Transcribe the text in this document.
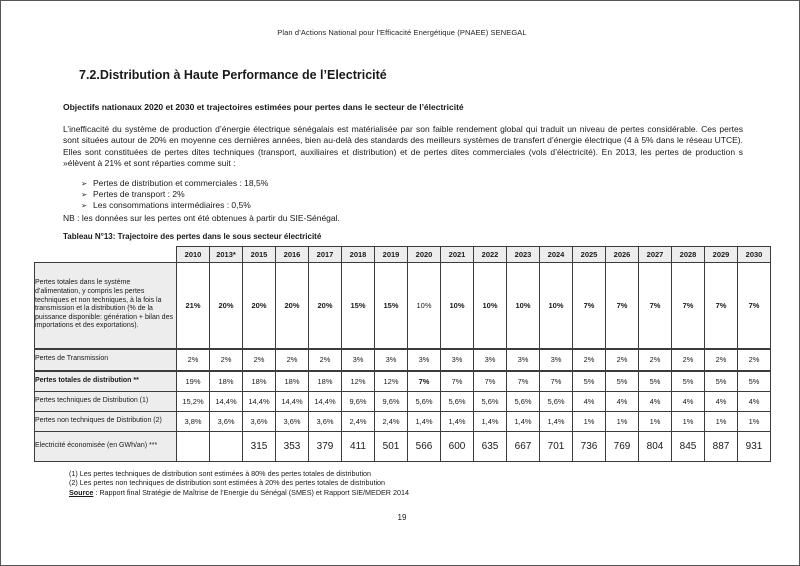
Plan d’Actions National pour l’Efficacité Energétique (PNAEE) SENEGAL
7.2.Distribution à Haute Performance de l’Electricité
Objectifs nationaux 2020 et 2030 et trajectoires estimées pour pertes dans le secteur de l’électricité

L’inefficacité du système de production d’énergie électrique sénégalais est matérialisée par son faible rendement global qui traduit un niveau de pertes considérable. Ces pertes sont situées autour de 20% en moyenne ces dernières années, bien au-delà des standards des meilleurs systèmes de transfert d’énergie électrique (4 à 5% dans le réseau UTCE). Elles sont constituées de pertes dites techniques (transport, auxiliaires et distribution) et de pertes dites commerciales (vols d’électricité). En 2013, les pertes de production s »élèvent à 21% et sont réparties comme suit :

➢ Pertes de distribution et commerciales : 18,5%
➢ Pertes de transport : 2%
➢ Les consommations intermédiaires : 0,5%
NB : les données sur les pertes ont été obtenues à partir du SIE-Sénégal.
Tableau N°13: Trajectoire des pertes dans le sous secteur électricité
	2010	2013*	2015	2016	2017	2018	2019	2020	2021	2022	2023	2024	2025	2026	2027	2028	2029	2030
Pertes totales dans le système d’alimentation, y compris les pertes techniques et non techniques, à la fois la transmission et la distribution (% de la puissance disponible: génération + bilan des importations et des exportations).	21%	20%	20%	20%	20%	15%	15%	10%	10%	10%	10%	10%	7%	7%	7%	7%	7%	7%
Pertes de Transmission	2%	2%	2%	2%	2%	3%	3%	3%	3%	3%	3%	3%	2%	2%	2%	2%	2%	2%
Pertes totales de distribution **	19%	18%	18%	18%	18%	12%	12%	7%	7%	7%	7%	7%	5%	5%	5%	5%	5%	5%
Pertes techniques de Distribution (1)	15,2%	14,4%	14,4%	14,4%	14,4%	9,6%	9,6%	5,6%	5,6%	5,6%	5,6%	5,6%	4%	4%	4%	4%	4%	4%
Pertes non techniques de Distribution (2)	3,8%	3,6%	3,6%	3,6%	3,6%	2,4%	2,4%	1,4%	1,4%	1,4%	1,4%	1,4%	1%	1%	1%	1%	1%	1%
Electricité économisée (en GWh/an) ***			315	353	379	411	501	566	600	635	667	701	736	769	804	845	887	931
(1) Les pertes techniques de distribution sont estimées à 80% des pertes totales de distribution
(2) Les pertes non techniques de distribution sont estimées à 20% des pertes totales de distribution
Source : Rapport final Stratégie de Maîtrise de l’Energie du Sénégal (SMES) et Rapport SIE/MEDER 2014
19
